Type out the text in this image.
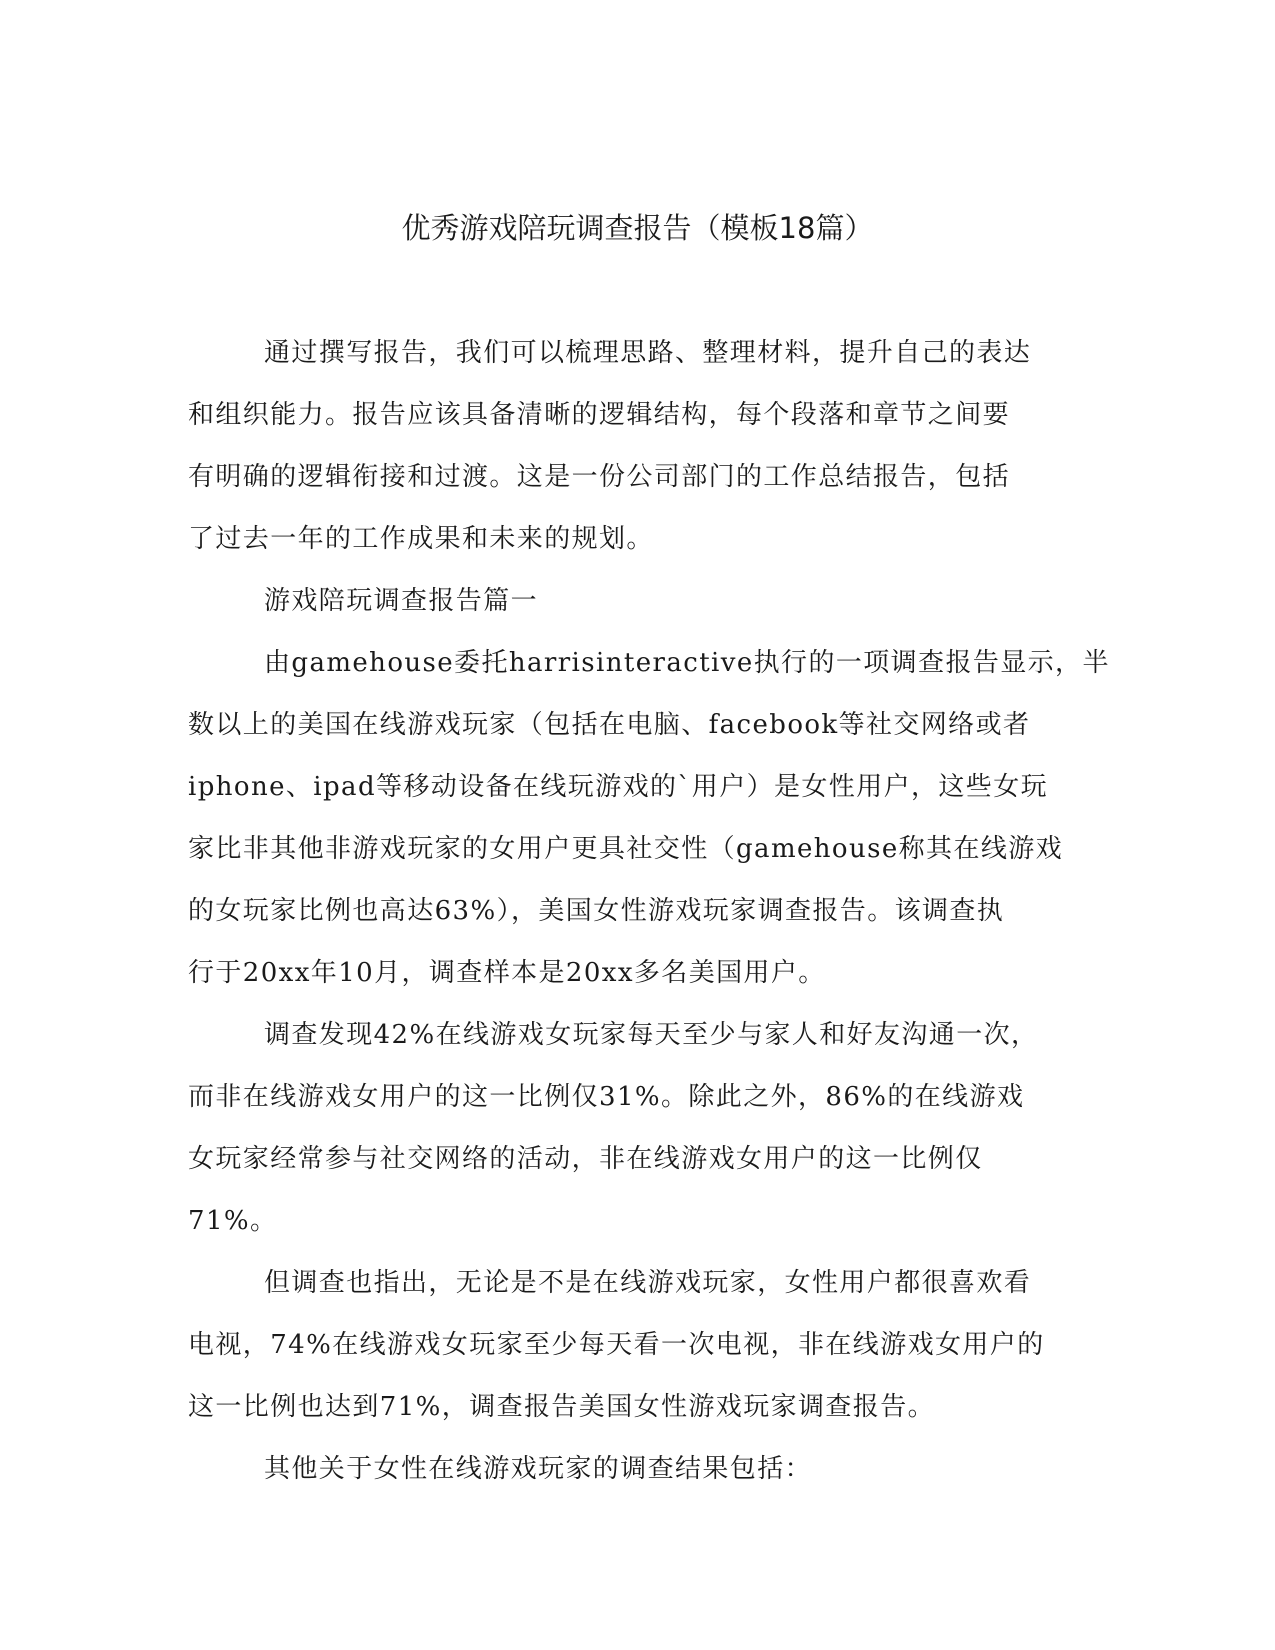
优秀游戏陪玩调查报告（模板18篇）
通过撰写报告，我们可以梳理思路、整理材料，提升自己的表达
和组织能力。报告应该具备清晰的逻辑结构，每个段落和章节之间要
有明确的逻辑衔接和过渡。这是一份公司部门的工作总结报告，包括
了过去一年的工作成果和未来的规划。
游戏陪玩调查报告篇一
由gamehouse委托harrisinteractive执行的一项调查报告显示，半
数以上的美国在线游戏玩家（包括在电脑、facebook等社交网络或者
iphone、ipad等移动设备在线玩游戏的`用户）是女性用户，这些女玩
家比非其他非游戏玩家的女用户更具社交性（gamehouse称其在线游戏
的女玩家比例也高达63%），美国女性游戏玩家调查报告。该调查执
行于20xx年10月，调查样本是20xx多名美国用户。
调查发现42%在线游戏女玩家每天至少与家人和好友沟通一次，
而非在线游戏女用户的这一比例仅31%。除此之外，86%的在线游戏
女玩家经常参与社交网络的活动，非在线游戏女用户的这一比例仅
71%。
但调查也指出，无论是不是在线游戏玩家，女性用户都很喜欢看
电视，74%在线游戏女玩家至少每天看一次电视，非在线游戏女用户的
这一比例也达到71%，调查报告美国女性游戏玩家调查报告。
其他关于女性在线游戏玩家的调查结果包括：
